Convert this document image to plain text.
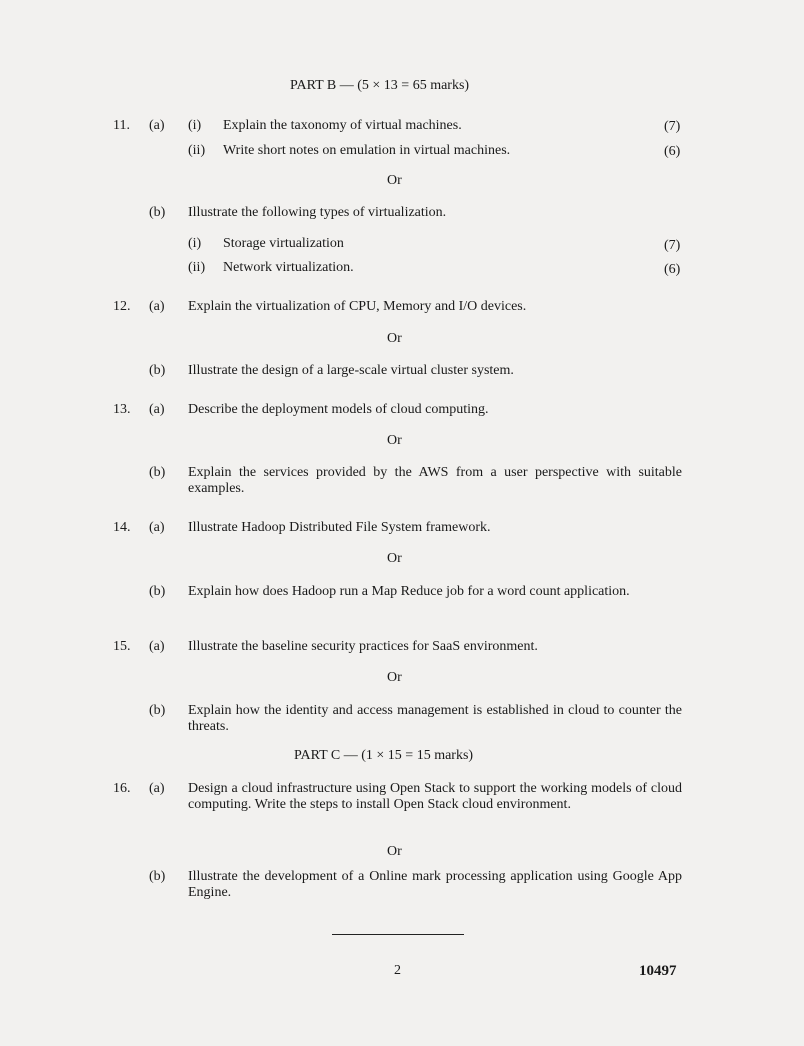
PART B — (5 × 13 = 65 marks)
11. (a) (i) Explain the taxonomy of virtual machines.	(7)
(ii) Write short notes on emulation in virtual machines.	(6)
Or
(b) Illustrate the following types of virtualization.
(i) Storage virtualization	(7)
(ii) Network virtualization.	(6)
12. (a) Explain the virtualization of CPU, Memory and I/O devices.
Or
(b) Illustrate the design of a large-scale virtual cluster system.
13. (a) Describe the deployment models of cloud computing.
Or
(b) Explain the services provided by the AWS from a user perspective with suitable examples.
14. (a) Illustrate Hadoop Distributed File System framework.
Or
(b) Explain how does Hadoop run a Map Reduce job for a word count application.
15. (a) Illustrate the baseline security practices for SaaS environment.
Or
(b) Explain how the identity and access management is established in cloud to counter the threats.
PART C — (1 × 15 = 15 marks)
16. (a) Design a cloud infrastructure using Open Stack to support the working models of cloud computing. Write the steps to install Open Stack cloud environment.
Or
(b) Illustrate the development of a Online mark processing application using Google App Engine.
2	10497
